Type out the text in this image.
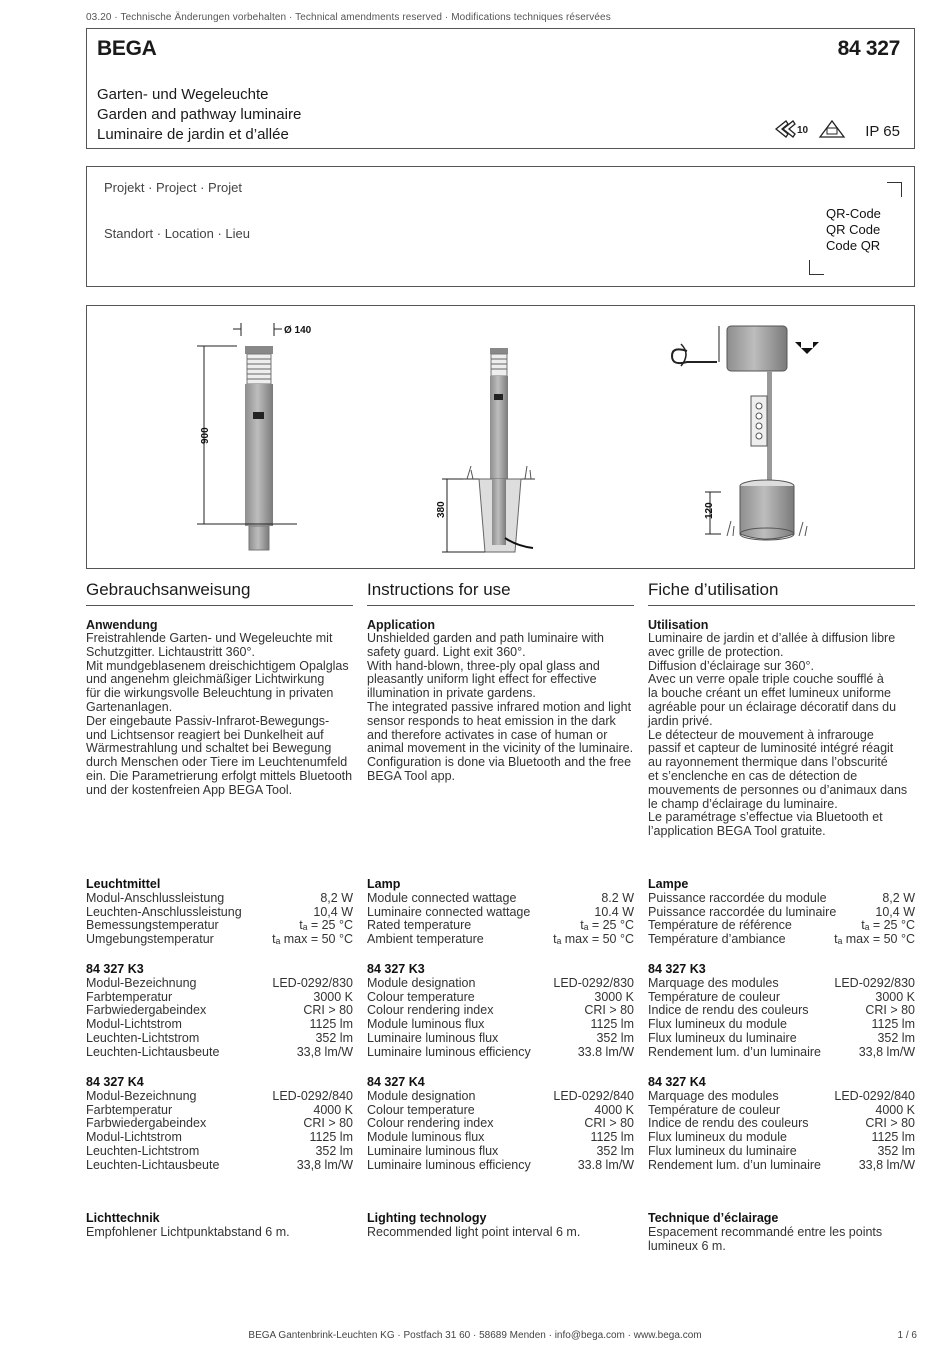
03.20 · Technische Änderungen vorbehalten · Technical amendments reserved · Modifications techniques réservées
BEGA	84 327
Garten- und Wegeleuchte
Garden and pathway luminaire
Luminaire de jardin et d’allée	10	IP 65
Projekt · Project · Projet
Standort · Location · Lieu
QR-Code
QR Code
Code QR
Ø 140
900
380	120
Gebrauchsanweisung
Anwendung

Freistrahlende Garten- und Wegeleuchte mit
Schutzgitter. Lichtaustritt 360°.
Mit mundgeblasenem dreischichtigem Opalglas
und angenehm gleichmäßiger Lichtwirkung
für die wirkungsvolle Beleuchtung in privaten
Gartenanlagen.
Der eingebaute Passiv-Infrarot-Bewegungs-
und Lichtsensor reagiert bei Dunkelheit auf
Wärmestrahlung und schaltet bei Bewegung
durch Menschen oder Tiere im Leuchtenumfeld
ein. Die Parametrierung erfolgt mittels Bluetooth
und der kostenfreien App BEGA Tool.

Instructions for use
Application

Unshielded garden and path luminaire with
safety guard. Light exit 360°.
With hand-blown, three-ply opal glass and
pleasantly uniform light effect for effective
illumination in private gardens.
The integrated passive infrared motion and light
sensor responds to heat emission in the dark
and therefore activates in case of human or
animal movement in the vicinity of the luminaire.
Configuration is done via Bluetooth and the free
BEGA Tool app.

Fiche d’utilisation
Utilisation

Luminaire de jardin et d’allée à diffusion libre
avec grille de protection.
Diffusion d’éclairage sur 360°.
Avec un verre opale triple couche soufflé à
la bouche créant un effet lumineux uniforme
agréable pour un éclairage décoratif dans du
jardin privé.
Le détecteur de mouvement à infrarouge
passif et capteur de luminosité intégré réagit
au rayonnement thermique dans l’obscurité
et s’enclenche en cas de détection de
mouvements de personnes ou d’animaux dans
le champ d’éclairage du luminaire.
Le paramétrage s’effectue via Bluetooth et
l’application BEGA Tool gratuite.

Leuchtmittel
Modul-Anschlussleistung	8,2 W
Leuchten-Anschlussleistung	10,4 W
Bemessungstemperatur	tₐ = 25 °C
Umgebungstemperatur	tₐ max = 50 °C
Lamp
Module connected wattage	8.2 W
Luminaire connected wattage	10.4 W
Rated temperature	tₐ = 25 °C
Ambient temperature	tₐ max = 50 °C
Lampe
Puissance raccordée du module	8,2 W
Puissance raccordée du luminaire	10,4 W
Température de référence	tₐ = 25 °C
Température d’ambiance	tₐ max = 50 °C
84 327 K3
Modul-Bezeichnung	LED-0292/830
Farbtemperatur	3000 K
Farbwiedergabeindex	CRI > 80
Modul-Lichtstrom	1125 lm
Leuchten-Lichtstrom	352 lm
Leuchten-Lichtausbeute	33,8 lm/W
84 327 K3
Module designation	LED-0292/830
Colour temperature	3000 K
Colour rendering index	CRI > 80
Module luminous flux	1125 lm
Luminaire luminous flux	352 lm
Luminaire luminous efficiency	33.8 lm/W
84 327 K3
Marquage des modules	LED-0292/830
Température de couleur	3000 K
Indice de rendu des couleurs	CRI > 80
Flux lumineux du module	1125 lm
Flux lumineux du luminaire	352 lm
Rendement lum. d’un luminaire	33,8 lm/W
84 327 K4
Modul-Bezeichnung	LED-0292/840
Farbtemperatur	4000 K
Farbwiedergabeindex	CRI > 80
Modul-Lichtstrom	1125 lm
Leuchten-Lichtstrom	352 lm
Leuchten-Lichtausbeute	33,8 lm/W
84 327 K4
Module designation	LED-0292/840
Colour temperature	4000 K
Colour rendering index	CRI > 80
Module luminous flux	1125 lm
Luminaire luminous flux	352 lm
Luminaire luminous efficiency	33.8 lm/W
84 327 K4
Marquage des modules	LED-0292/840
Température de couleur	4000 K
Indice de rendu des couleurs	CRI > 80
Flux lumineux du module	1125 lm
Flux lumineux du luminaire	352 lm
Rendement lum. d’un luminaire	33,8 lm/W
Lichttechnik
Empfohlener Lichtpunktabstand 6 m.
Lighting technology
Recommended light point interval 6 m.
Technique d’éclairage
Espacement recommandé entre les points
lumineux 6 m.
BEGA Gantenbrink-Leuchten KG · Postfach 31 60 · 58689 Menden · info@bega.com · www.bega.com	1 / 6
